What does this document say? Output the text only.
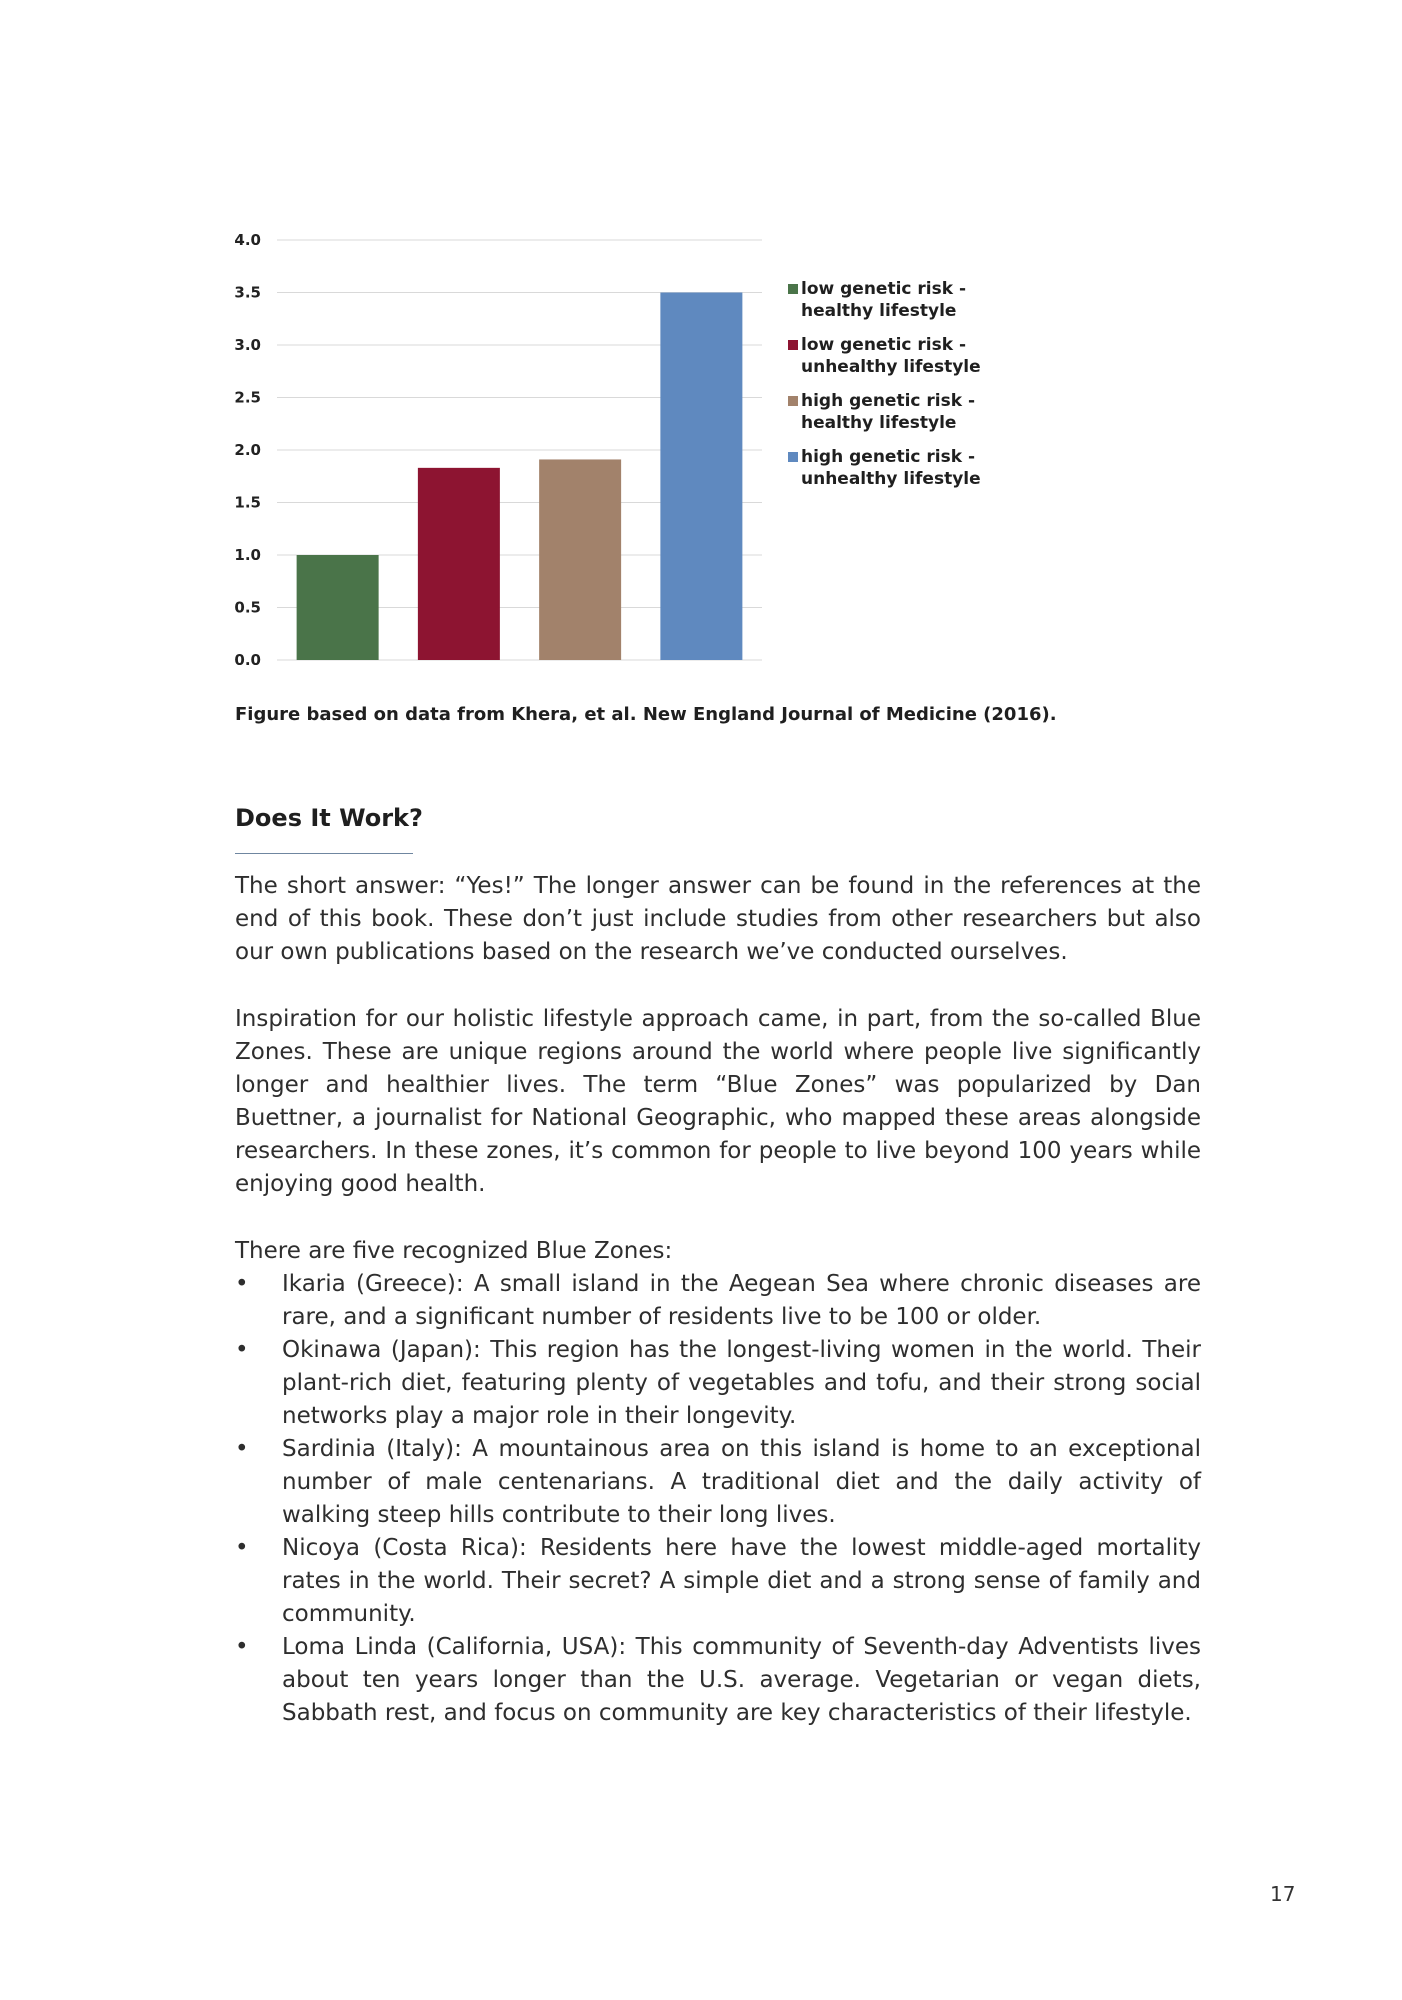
0.0
0.5
1.0
1.5
2.0
2.5
3.0
3.5
4.0
low genetic risk -
healthy lifestyle
low genetic risk -
unhealthy lifestyle
high genetic risk -
healthy lifestyle
high genetic risk -
unhealthy lifestyle

Figure based on data from Khera, et al. New England Journal of Medicine (2016).

Does It Work?

The short answer: “Yes!” The longer answer can be found in the references at the end of this book. These don’t just include studies from other researchers but also our own publications based on the research we’ve conducted ourselves.

Inspiration for our holistic lifestyle approach came, in part, from the so-called Blue Zones. These are unique regions around the world where people live significantly longer and healthier lives. The term “Blue Zones” was popularized by Dan Buettner, a journalist for National Geographic, who mapped these areas alongside researchers. In these zones, it’s common for people to live beyond 100 years while enjoying good health.

There are five recognized Blue Zones:

• Ikaria (Greece): A small island in the Aegean Sea where chronic diseases are rare, and a significant number of residents live to be 100 or older.
• Okinawa (Japan): This region has the longest-living women in the world. Their plant-rich diet, featuring plenty of vegetables and tofu, and their strong social networks play a major role in their longevity.
• Sardinia (Italy): A mountainous area on this island is home to an exceptional number of male centenarians. A traditional diet and the daily activity of walking steep hills contribute to their long lives.
• Nicoya (Costa Rica): Residents here have the lowest middle-aged mortality rates in the world. Their secret? A simple diet and a strong sense of family and community.
• Loma Linda (California, USA): This community of Seventh-day Adventists lives about ten years longer than the U.S. average. Vegetarian or vegan diets, Sabbath rest, and focus on community are key characteristics of their lifestyle.

17
